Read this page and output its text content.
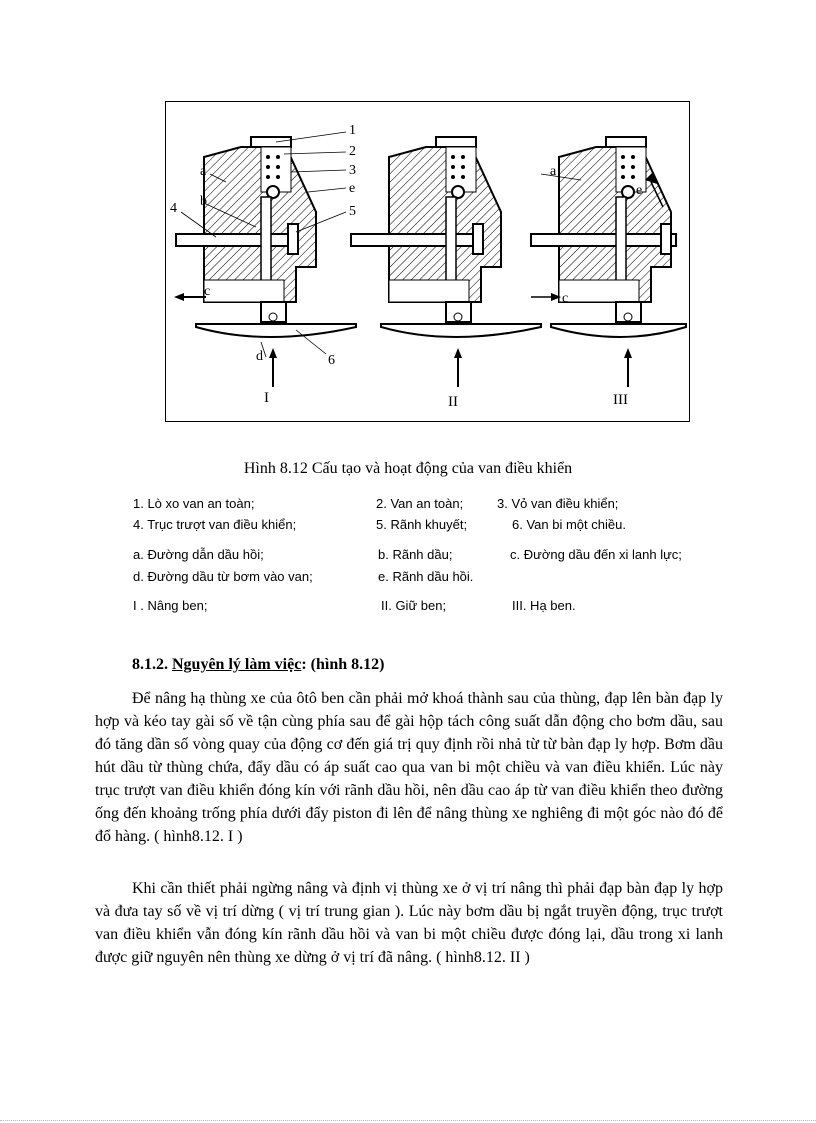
1
2
3
e
5
a
b
4
c
d	6
a
e
c
I	II	III
Hình 8.12 Cấu tạo và hoạt động của van điều khiển
1. Lò xo van an toàn;	2. Van an toàn;	3. Vỏ van điều khiển;
4. Trục trượt van điều khiển;	5. Rãnh khuyết;	6. Van bi một chiều.
a. Đường dẫn dầu hồi;	b. Rãnh dầu;	c. Đường dầu đến xi lanh lực;
d. Đường dầu từ bơm vào van;	e. Rãnh dầu hồi.
I . Nâng ben;	II. Giữ ben;	III. Hạ ben.
8.1.2. Nguyên lý làm việc: (hình 8.12)

Để nâng hạ thùng xe của ôtô ben cần phải mở khoá thành sau của thùng, đạp lên bàn đạp ly hợp và kéo tay gài số về tận cùng phía sau để gài hộp tách công suất dẫn động cho bơm dầu, sau đó tăng dần số vòng quay của động cơ đến giá trị quy định rồi nhả từ từ bàn đạp ly hợp. Bơm dầu hút dầu từ thùng chứa, đẩy dầu có áp suất cao qua van bi một chiều và van điều khiển. Lúc này trục trượt van điều khiển đóng kín với rãnh dầu hồi, nên dầu cao áp từ van điều khiển theo đường ống đến khoảng trống phía dưới đẩy piston đi lên để nâng thùng xe nghiêng đi một góc nào đó để đổ hàng. ( hình8.12. I )

Khi cần thiết phải ngừng nâng và định vị thùng xe ở vị trí nâng thì phải đạp bàn đạp ly hợp và đưa tay số về vị trí dừng ( vị trí trung gian ). Lúc này bơm dầu bị ngắt truyền động, trục trượt van điều khiển vẫn đóng kín rãnh dầu hồi và van bi một chiều được đóng lại, dầu trong xi lanh được giữ nguyên nên thùng xe dừng ở vị trí đã nâng. ( hình8.12. II )
